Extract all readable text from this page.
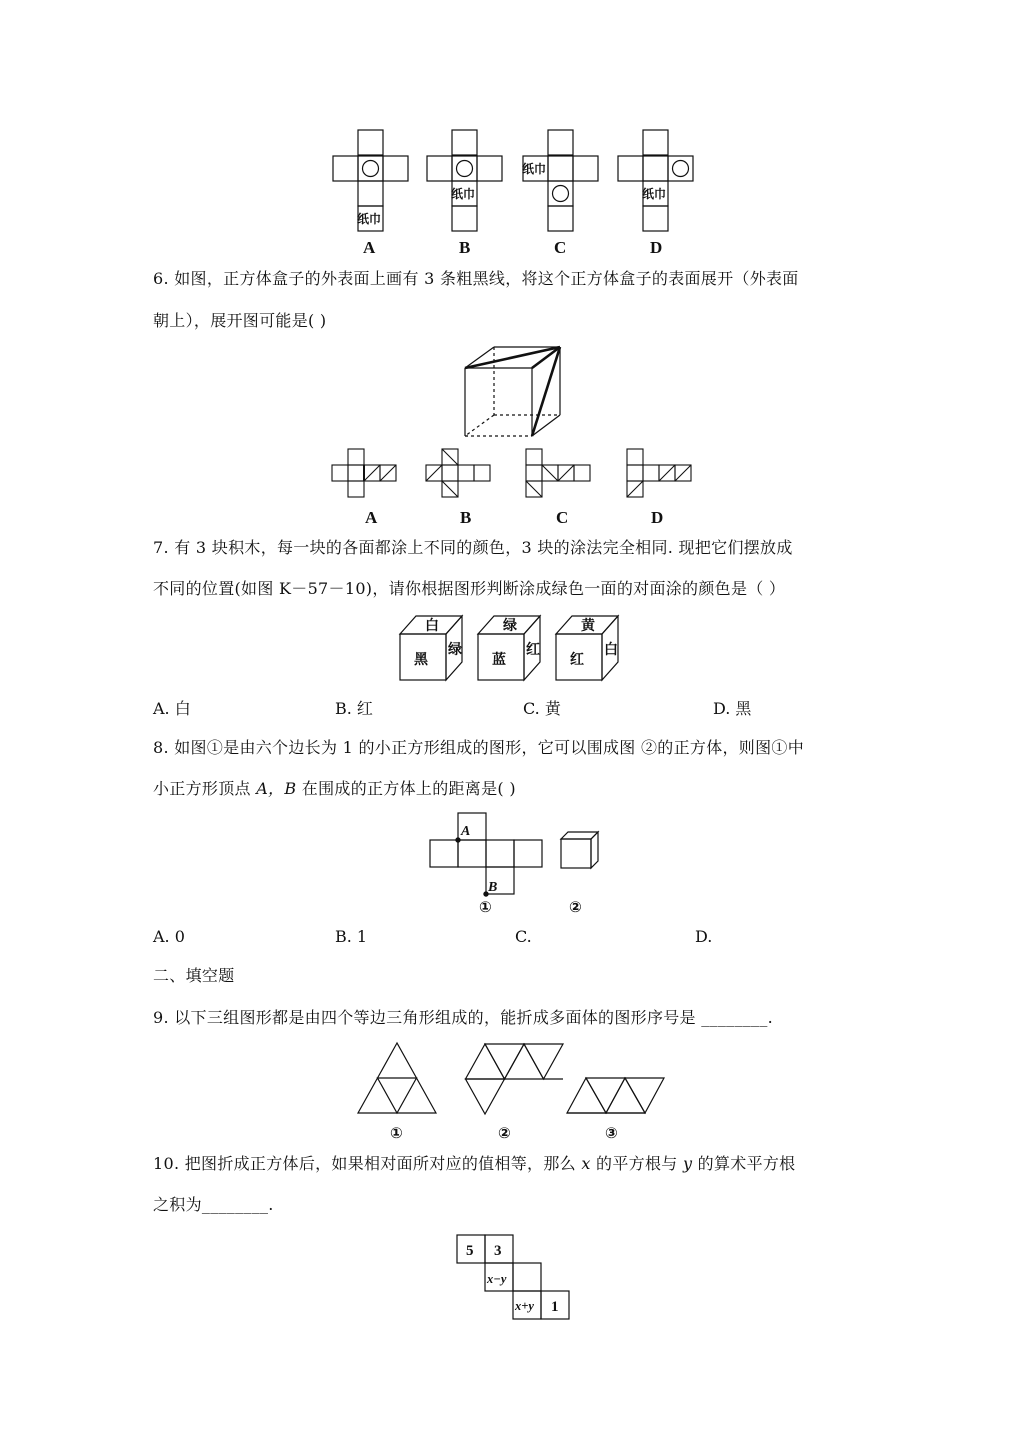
纸巾
纸巾
纸巾
纸巾
A	B	C	D
6. 如图，正方体盒子的外表面上画有 3 条粗黑线，将这个正方体盒子的表面展开（外表面
朝上），展开图可能是( )
A	B	C	D
7. 有 3 块积木，每一块的各面都涂上不同的颜色，3 块的涂法完全相同. 现把它们摆放成
不同的位置(如图 K－57－10)，请你根据图形判断涂成绿色一面的对面涂的颜色是（ ）
白
黑
绿
绿
蓝
红
黄
红
白
A. 白	B. 红	C. 黄	D. 黑
8. 如图①是由六个边长为 1 的小正方形组成的图形，它可以围成图 ②的正方体，则图①中
小正方形顶点 A，B 在围成的正方体上的距离是( )
A
B
①	②
A. 0	B. 1	C.	D.
二、填空题
9. 以下三组图形都是由四个等边三角形组成的，能折成多面体的图形序号是 ________.
①	②	③
10. 把图折成正方体后，如果相对面所对应的值相等，那么 x 的平方根与 y 的算术平方根
之积为________.
5 3
x−y
x+y 1
